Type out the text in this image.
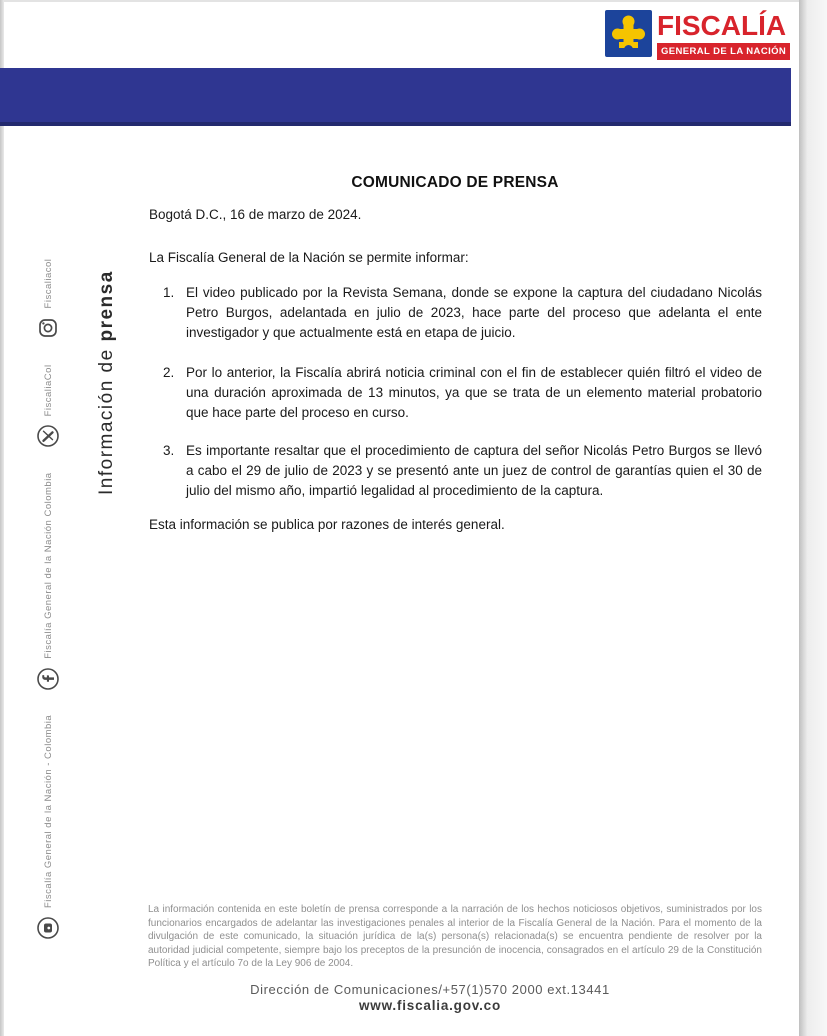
FISCALÍA
GENERAL DE LA NACIÓN
Información de prensa
Fiscalía General de la Nación - Colombia
Fiscalía General de la Nación Colombia
FiscaliaCol
Fiscaliacol
COMUNICADO DE PRENSA
Bogotá D.C., 16 de marzo de 2024.
La Fiscalía General de la Nación se permite informar:
1. El video publicado por la Revista Semana, donde se expone la captura del ciudadano Nicolás Petro Burgos, adelantada en julio de 2023, hace parte del proceso que adelanta el ente investigador y que actualmente está en etapa de juicio.
2. Por lo anterior, la Fiscalía abrirá noticia criminal con el fin de establecer quién filtró el video de una duración aproximada de 13 minutos, ya que se trata de un elemento material probatorio que hace parte del proceso en curso.
3. Es importante resaltar que el procedimiento de captura del señor Nicolás Petro Burgos se llevó a cabo el 29 de julio de 2023 y se presentó ante un juez de control de garantías quien el 30 de julio del mismo año, impartió legalidad al procedimiento de la captura.
Esta información se publica por razones de interés general.
La información contenida en este boletín de prensa corresponde a la narración de los hechos noticiosos objetivos, suministrados por los funcionarios encargados de adelantar las investigaciones penales al interior de la Fiscalía General de la Nación. Para el momento de la divulgación de este comunicado, la situación jurídica de la(s) persona(s) relacionada(s) se encuentra pendiente de resolver por la autoridad judicial competente, siempre bajo los preceptos de la presunción de inocencia, consagrados en el artículo 29 de la Constitución Política y el artículo 7o de la Ley 906 de 2004.
Dirección de Comunicaciones/+57(1)570 2000 ext.13441
www.fiscalia.gov.co
